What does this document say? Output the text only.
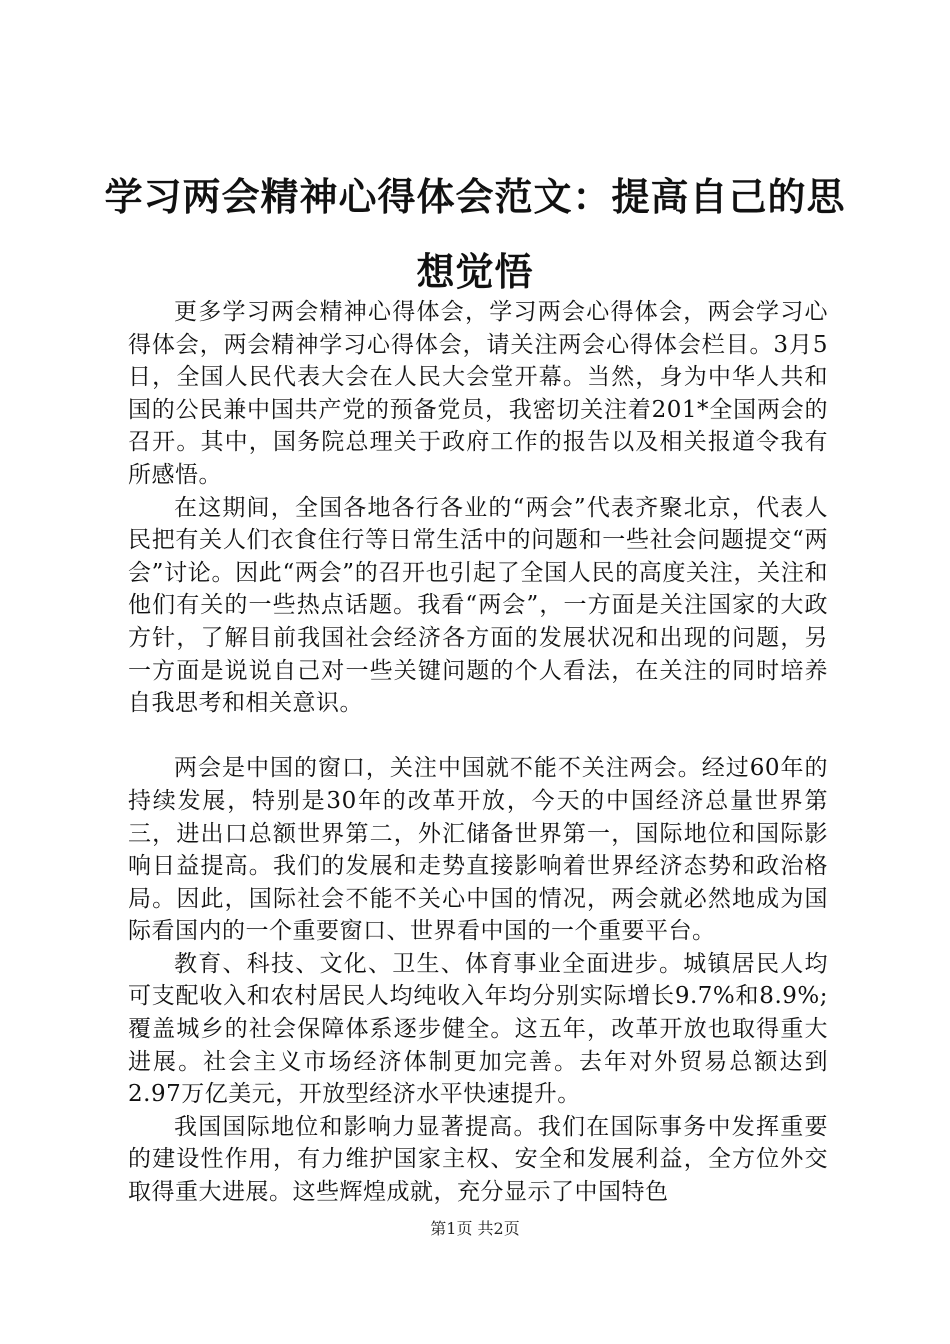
学习两会精神心得体会范文：提高自己的思想觉悟

更多学习两会精神心得体会，学习两会心得体会，两会学习心得体会，两会精神学习心得体会，请关注两会心得体会栏目。3月5日，全国人民代表大会在人民大会堂开幕。当然，身为中华人共和国的公民兼中国共产党的预备党员，我密切关注着201*全国两会的召开。其中，国务院总理关于政府工作的报告以及相关报道令我有所感悟。

在这期间，全国各地各行各业的“两会”代表齐聚北京，代表人民把有关人们衣食住行等日常生活中的问题和一些社会问题提交“两会”讨论。因此“两会”的召开也引起了全国人民的高度关注，关注和他们有关的一些热点话题。我看“两会”，一方面是关注国家的大政方针，了解目前我国社会经济各方面的发展状况和出现的问题，另一方面是说说自己对一些关键问题的个人看法，在关注的同时培养自我思考和相关意识。

两会是中国的窗口，关注中国就不能不关注两会。经过60年的持续发展，特别是30年的改革开放，今天的中国经济总量世界第三，进出口总额世界第二，外汇储备世界第一，国际地位和国际影响日益提高。我们的发展和走势直接影响着世界经济态势和政治格局。因此，国际社会不能不关心中国的情况，两会就必然地成为国际看国内的一个重要窗口、世界看中国的一个重要平台。

教育、科技、文化、卫生、体育事业全面进步。城镇居民人均可支配收入和农村居民人均纯收入年均分别实际增长9.7%和8.9%;覆盖城乡的社会保障体系逐步健全。这五年，改革开放也取得重大进展。社会主义市场经济体制更加完善。去年对外贸易总额达到2.97万亿美元，开放型经济水平快速提升。

我国国际地位和影响力显著提高。我们在国际事务中发挥重要的建设性作用，有力维护国家主权、安全和发展利益，全方位外交取得重大进展。这些辉煌成就，充分显示了中国特色

第1页 共2页
